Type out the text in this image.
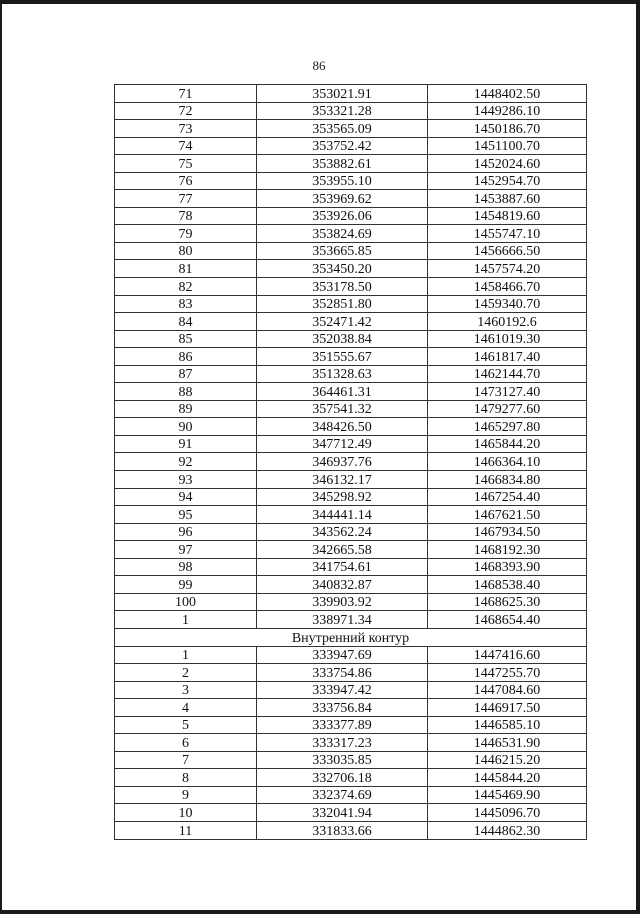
86
71	353021.91	1448402.50
72	353321.28	1449286.10
73	353565.09	1450186.70
74	353752.42	1451100.70
75	353882.61	1452024.60
76	353955.10	1452954.70
77	353969.62	1453887.60
78	353926.06	1454819.60
79	353824.69	1455747.10
80	353665.85	1456666.50
81	353450.20	1457574.20
82	353178.50	1458466.70
83	352851.80	1459340.70
84	352471.42	1460192.6
85	352038.84	1461019.30
86	351555.67	1461817.40
87	351328.63	1462144.70
88	364461.31	1473127.40
89	357541.32	1479277.60
90	348426.50	1465297.80
91	347712.49	1465844.20
92	346937.76	1466364.10
93	346132.17	1466834.80
94	345298.92	1467254.40
95	344441.14	1467621.50
96	343562.24	1467934.50
97	342665.58	1468192.30
98	341754.61	1468393.90
99	340832.87	1468538.40
100	339903.92	1468625.30
1	338971.34	1468654.40
Внутренний контур		
1	333947.69	1447416.60
2	333754.86	1447255.70
3	333947.42	1447084.60
4	333756.84	1446917.50
5	333377.89	1446585.10
6	333317.23	1446531.90
7	333035.85	1446215.20
8	332706.18	1445844.20
9	332374.69	1445469.90
10	332041.94	1445096.70
11	331833.66	1444862.30
